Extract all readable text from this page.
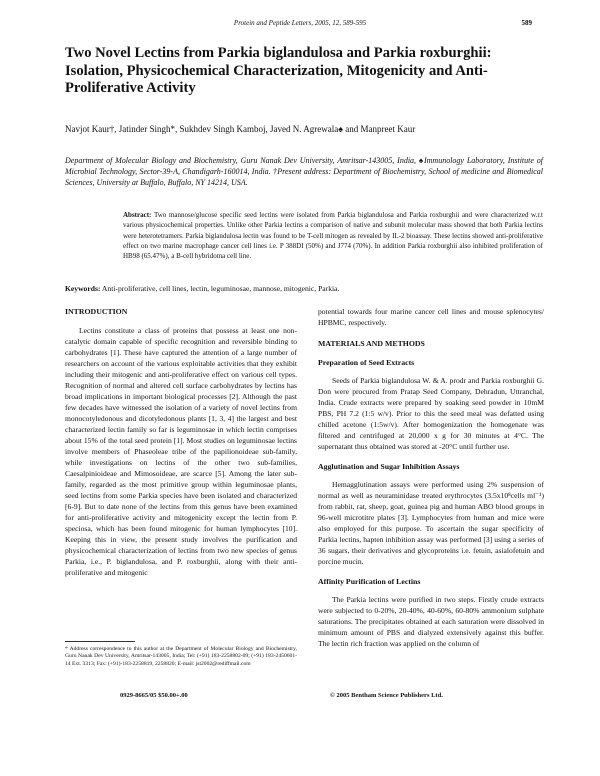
Protein and Peptide Letters, 2005, 12, 589-595	589
Two Novel Lectins from Parkia biglandulosa and Parkia roxburghii: Isolation, Physicochemical Characterization, Mitogenicity and Anti-Proliferative Activity
Navjot Kaur†, Jatinder Singh*, Sukhdev Singh Kamboj, Javed N. Agrewala♠ and Manpreet Kaur
Department of Molecular Biology and Biochemistry, Guru Nanak Dev University, Amritsar-143005, India, ♠Immunology Laboratory, Institute of Microbial Technology, Sector-39-A, Chandigarh-160014, India. †Present address: Department of Biochemistry, School of medicine and Biomedical Sciences, University at Buffalo, Buffalo, NY 14214, USA.
Abstract: Two mannose/glucose specific seed lectins were isolated from Parkia biglandulosa and Parkia roxburghii and were characterized w.r.t various physicochemical properties. Unlike other Parkia lectins a comparison of native and subunit molecular mass showed that both Parkia lectins were heterotetramers. Parkia biglandulosa lectin was found to be T-cell mitogen as revealed by IL-2 bioassay. These lectins showed anti-proliferative effect on two marine macrophage cancer cell lines i.e. P 388DI (50%) and J774 (70%). In addition Parkia roxburghii also inhibited proliferation of HB98 (65.47%), a B-cell hybridoma cell line.
Keywords: Anti-proliferative, cell lines, lectin, leguminosae, mannose, mitogenic, Parkia.
INTRODUCTION

Lectins constitute a class of proteins that possess at least one non-catalytic domain capable of specific recognition and reversible binding to carbohydrates [1]. These have captured the attention of a large number of researchers on account of the various exploitable activities that they exhibit including their mitogenic and anti-proliferative effect on various cell types. Recognition of normal and altered cell surface carbohydrates by lectins has broad implications in important biological processes [2]. Although the past few decades have witnessed the isolation of a variety of novel lectins from monocotyledonous and dicotyledonous plants [1, 3, 4] the largest and best characterized lectin family so far is leguminosae in which lectin comprises about 15% of the total seed protein [1]. Most studies on leguminosae lectins involve members of Phaseoleae tribe of the papilionoideae sub-family, while investigations on lectins of the other two sub-families, Caesalpinioideae and Mimosoideae, are scarce [5]. Among the later sub-family, regarded as the most primitive group within leguminosae plants, seed lectins from some Parkia species have been isolated and characterized [6-9]. But to date none of the lectins from this genus have been examined for anti-proliferative activity and mitogenicity except the lectin from P. speciosa, which has been found mitogenic for human lymphocytes [10]. Keeping this in view, the present study involves the purification and physicochemical characterization of lectins from two new species of genus Parkia, i.e., P. biglandulosa, and P. roxburghii, along with their anti-proliferative and mitogenic

potential towards four marine cancer cell lines and mouse splenocytes/ HPBMC, respectively.

MATERIALS AND METHODS
Preparation of Seed Extracts

Seeds of Parkia biglandulosa W. & A. prodr and Parkia roxburghii G. Don were procured from Pratap Seed Company, Dehradun, Uttranchal, India. Crude extracts were prepared by soaking seed powder in 10mM PBS, PH 7.2 (1:5 w/v). Prior to this the seed meal was defatted using chilled acetone (1:5w/v). After homogenization the homogenate was filtered and centrifuged at 20,000 x g for 30 minutes at 4°C. The supernatant thus obtained was stored at -20°C until further use.

Agglutination and Sugar Inhibition Assays

Hemagglutination assays were performed using 2% suspension of normal as well as neuraminidase treated erythrocytes (3.5x10⁸cells ml⁻¹) from rabbit, rat, sheep, goat, guinea pig and human ABO blood groups in 96-well microtitre plates [3]. Lymphocytes from human and mice were also employed for this purpose. To ascertain the sugar specificity of Parkia lectins, hapten inhibition assay was performed [3] using a series of 36 sugars, their derivatives and glycoproteins i.e. fetuin, asialofetuin and porcine mucin.

Affinity Purification of Lectins

The Parkia lectins were purified in two steps. Firstly crude extracts were subjected to 0-20%, 20-40%, 40-60%, 60-80% ammonium sulphate saturations. The precipitates obtained at each saturation were dissolved in minimum amount of PBS and dialyzed extensively against this buffer. The lectin rich fraction was applied on the column of

* Address correspondence to this author at the Department of Molecular Biology and Biochemistry, Guru Nanak Dev University, Amritsar-143005, India; Tel: (+91) 183-2258802-09; (+91) 183-2450601-14 Ext. 3313; Fax: (+91)-183-2258819, 2258820; E-mail: jst2002@rediffmail.com
0929-8665/05 $50.00+.00	© 2005 Bentham Science Publishers Ltd.
